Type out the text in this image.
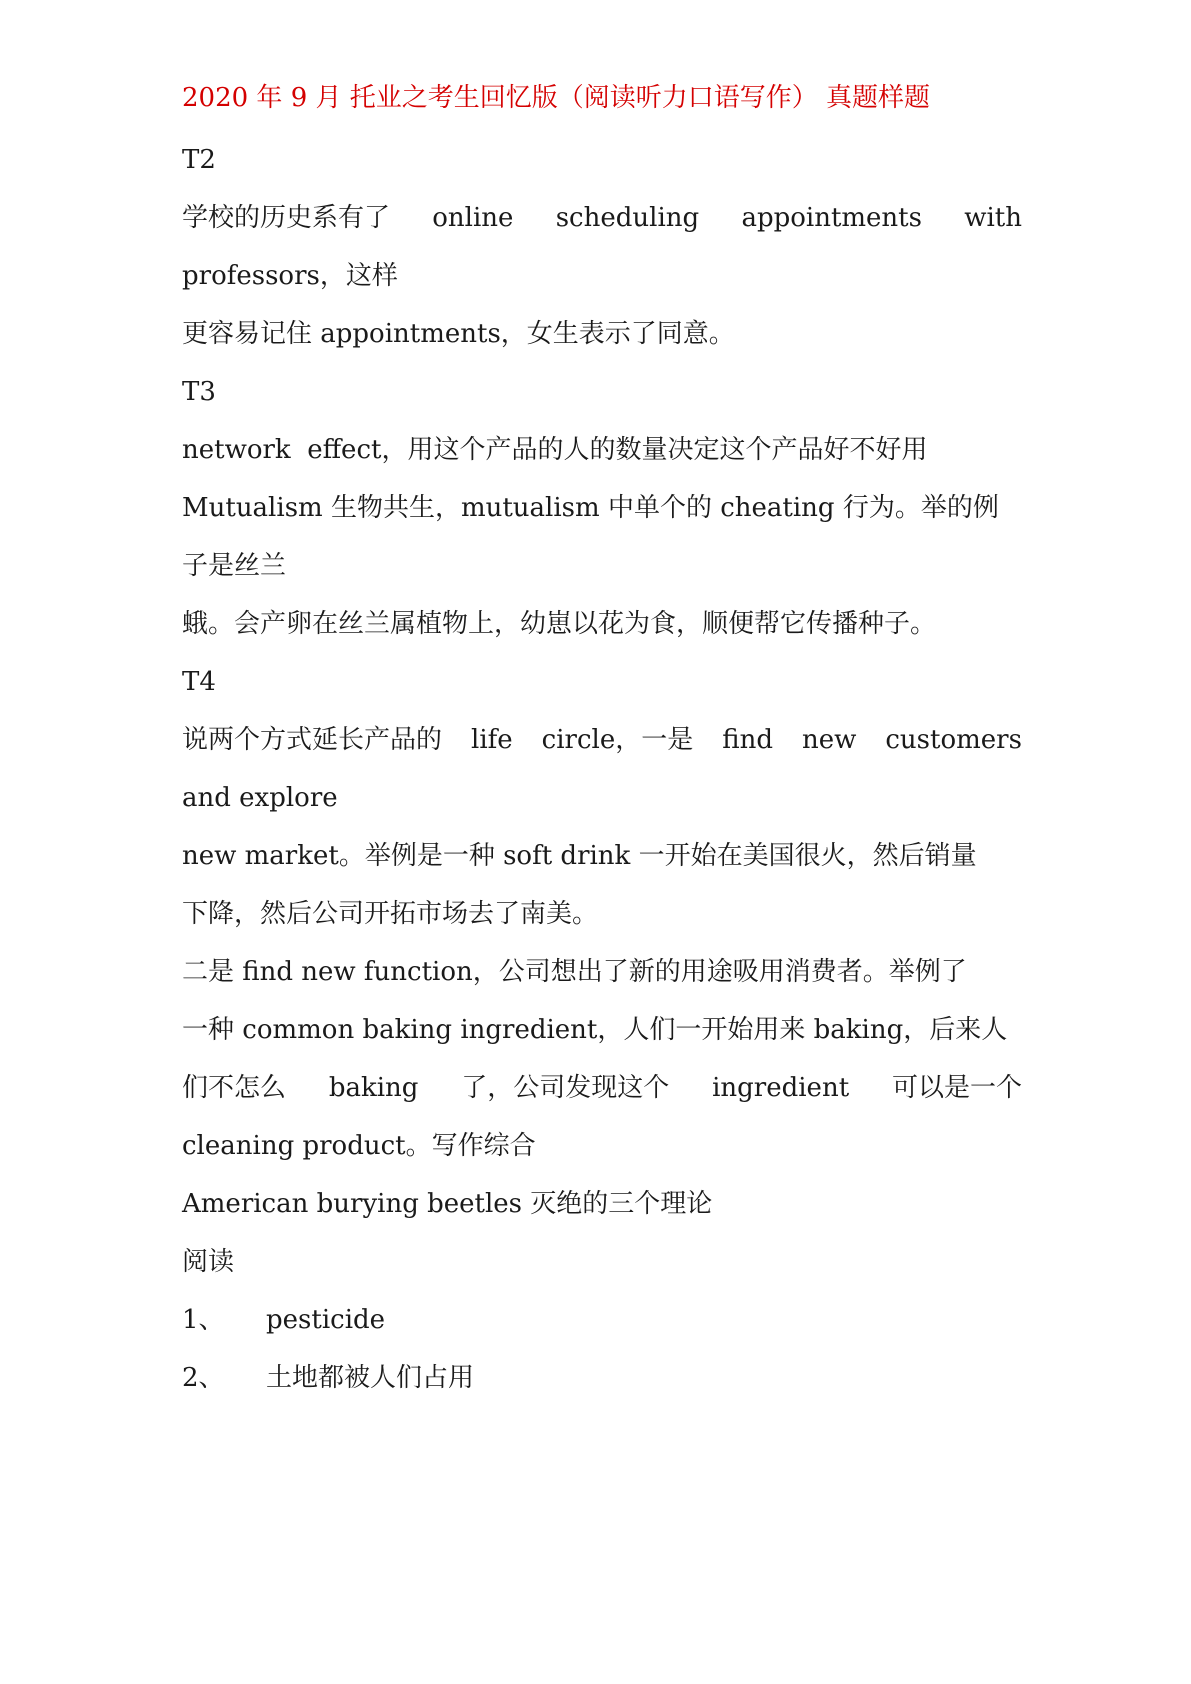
2020 年 9 月 托业之考生回忆版（阅读听力口语写作） 真题样题
T2
学校的历史系有了 online scheduling appointments with
professors，这样
更容易记住 appointments，女生表示了同意。
T3
network  effect，用这个产品的人的数量决定这个产品好不好用
Mutualism 生物共生，mutualism 中单个的 cheating 行为。举的例
子是丝兰
蛾。会产卵在丝兰属植物上，幼崽以花为食，顺便帮它传播种子。
T4
说两个方式延长产品的 life circle，一是 find new customers
and explore
new market。举例是一种 soft drink 一开始在美国很火，然后销量
下降，然后公司开拓市场去了南美。
二是 find new function，公司想出了新的用途吸用消费者。举例了
一种 common baking ingredient，人们一开始用来 baking，后来人
们不怎么 baking 了，公司发现这个 ingredient 可以是一个
cleaning product。写作综合
American burying beetles 灭绝的三个理论
阅读
1、 pesticide
2、 土地都被人们占用
